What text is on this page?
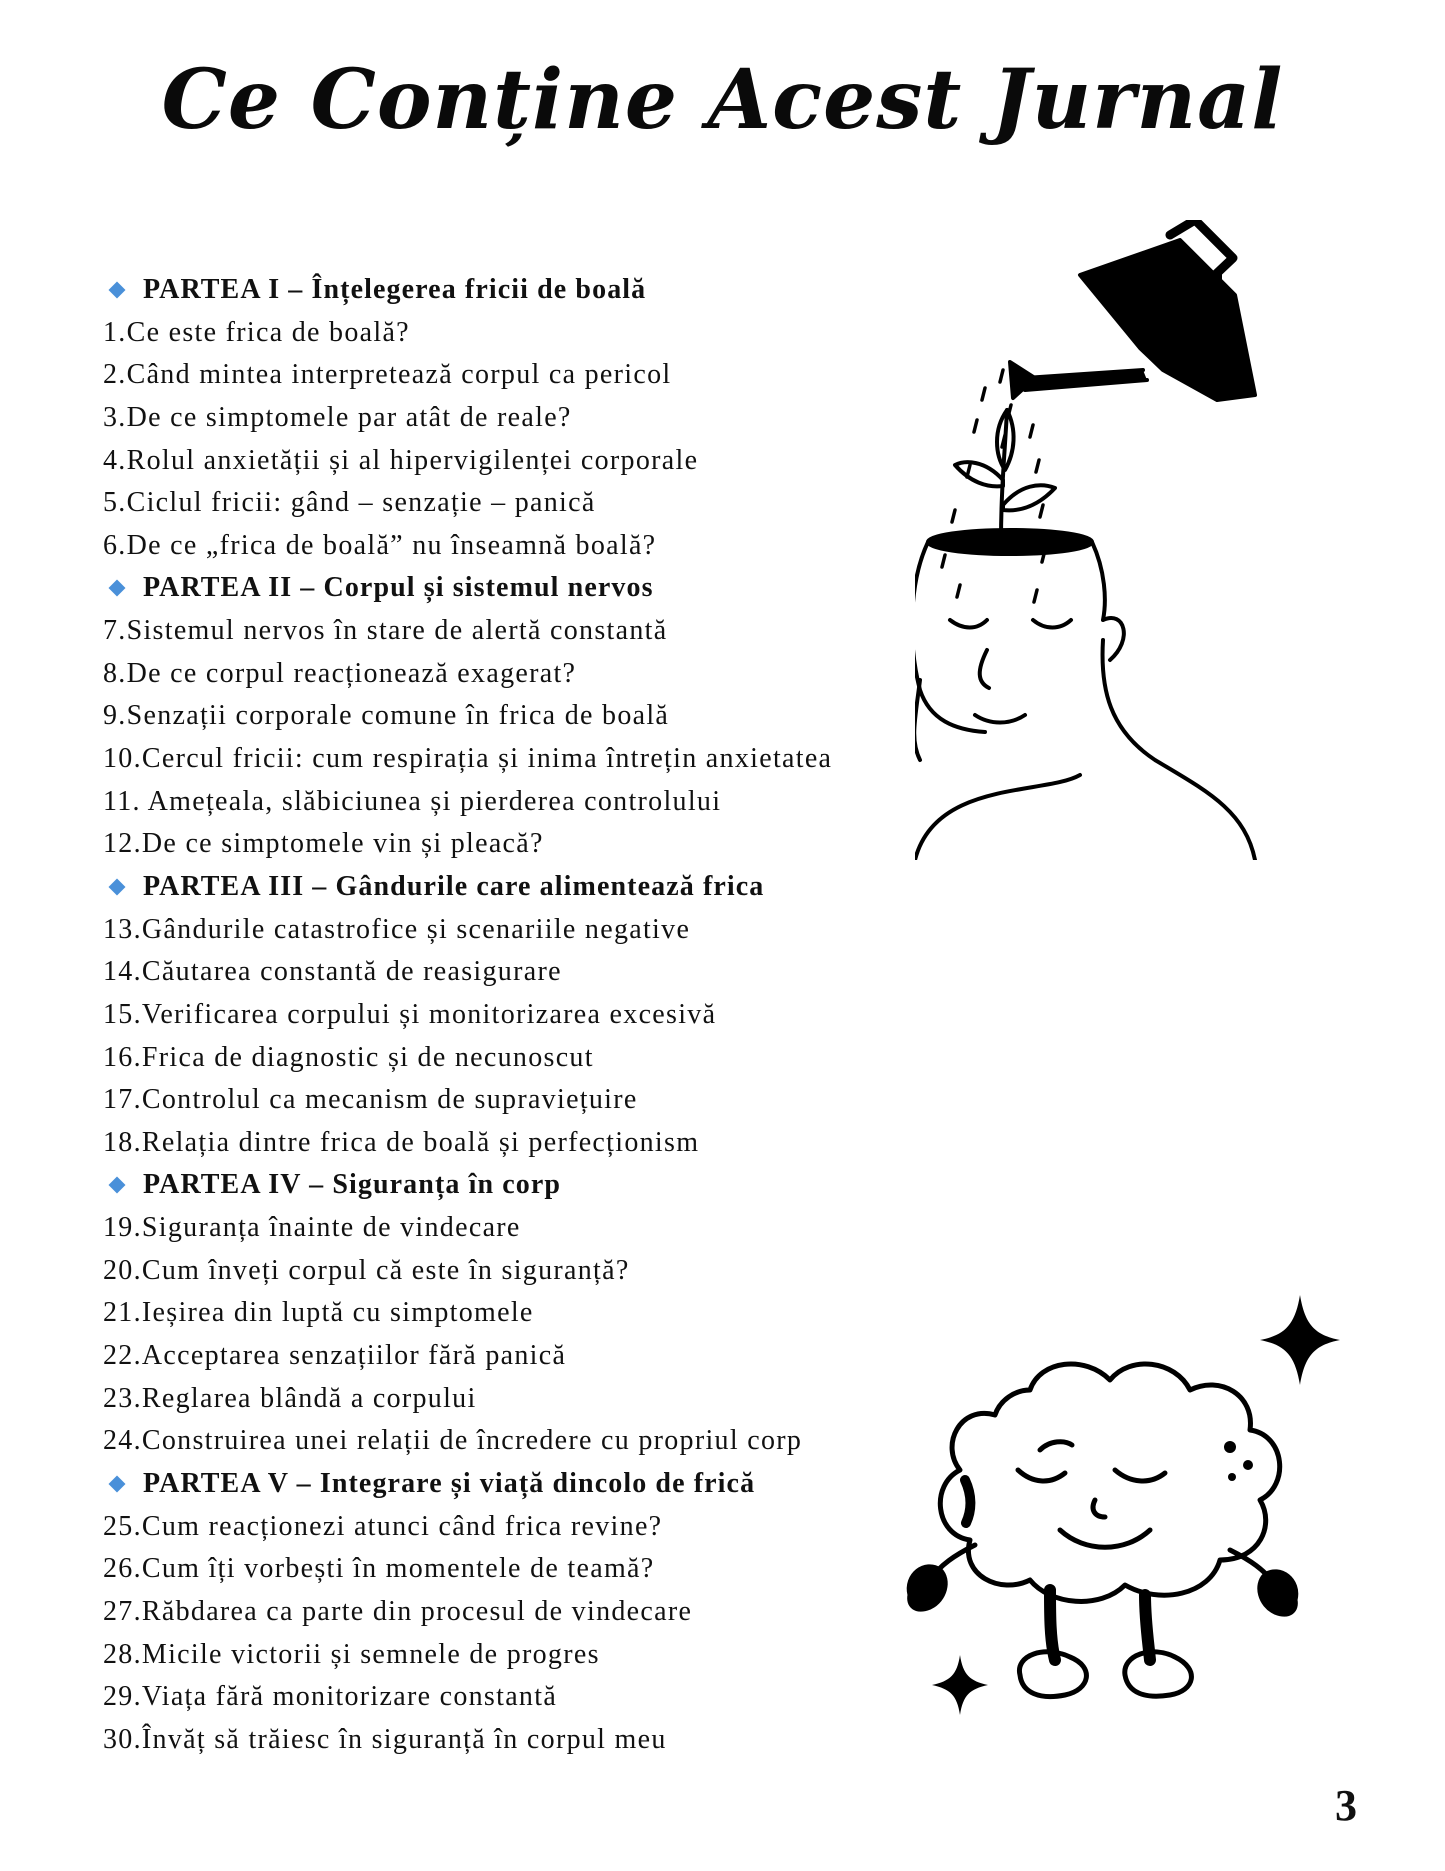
Ce Conține Acest Jurnal
PARTEA I – Înțelegerea fricii de boală
1.Ce este frica de boală?
2.Când mintea interpretează corpul ca pericol
3.De ce simptomele par atât de reale?
4.Rolul anxietății și al hipervigilenței corporale
5.Ciclul fricii: gând – senzație – panică
6.De ce „frica de boală” nu înseamnă boală?
PARTEA II – Corpul și sistemul nervos
7.Sistemul nervos în stare de alertă constantă
8.De ce corpul reacționează exagerat?
9.Senzații corporale comune în frica de boală
10.Cercul fricii: cum respirația și inima întrețin anxietatea
11. Amețeala, slăbiciunea și pierderea controlului
12.De ce simptomele vin și pleacă?
PARTEA III – Gândurile care alimentează frica
13.Gândurile catastrofice și scenariile negative
14.Căutarea constantă de reasigurare
15.Verificarea corpului și monitorizarea excesivă
16.Frica de diagnostic și de necunoscut
17.Controlul ca mecanism de supraviețuire
18.Relația dintre frica de boală și perfecționism
PARTEA IV – Siguranța în corp
19.Siguranța înainte de vindecare
20.Cum înveți corpul că este în siguranță?
21.Ieșirea din luptă cu simptomele
22.Acceptarea senzațiilor fără panică
23.Reglarea blândă a corpului
24.Construirea unei relații de încredere cu propriul corp
PARTEA V – Integrare și viață dincolo de frică
25.Cum reacționezi atunci când frica revine?
26.Cum îți vorbești în momentele de teamă?
27.Răbdarea ca parte din procesul de vindecare
28.Micile victorii și semnele de progres
29.Viața fără monitorizare constantă
30.Învăț să trăiesc în siguranță în corpul meu

3
